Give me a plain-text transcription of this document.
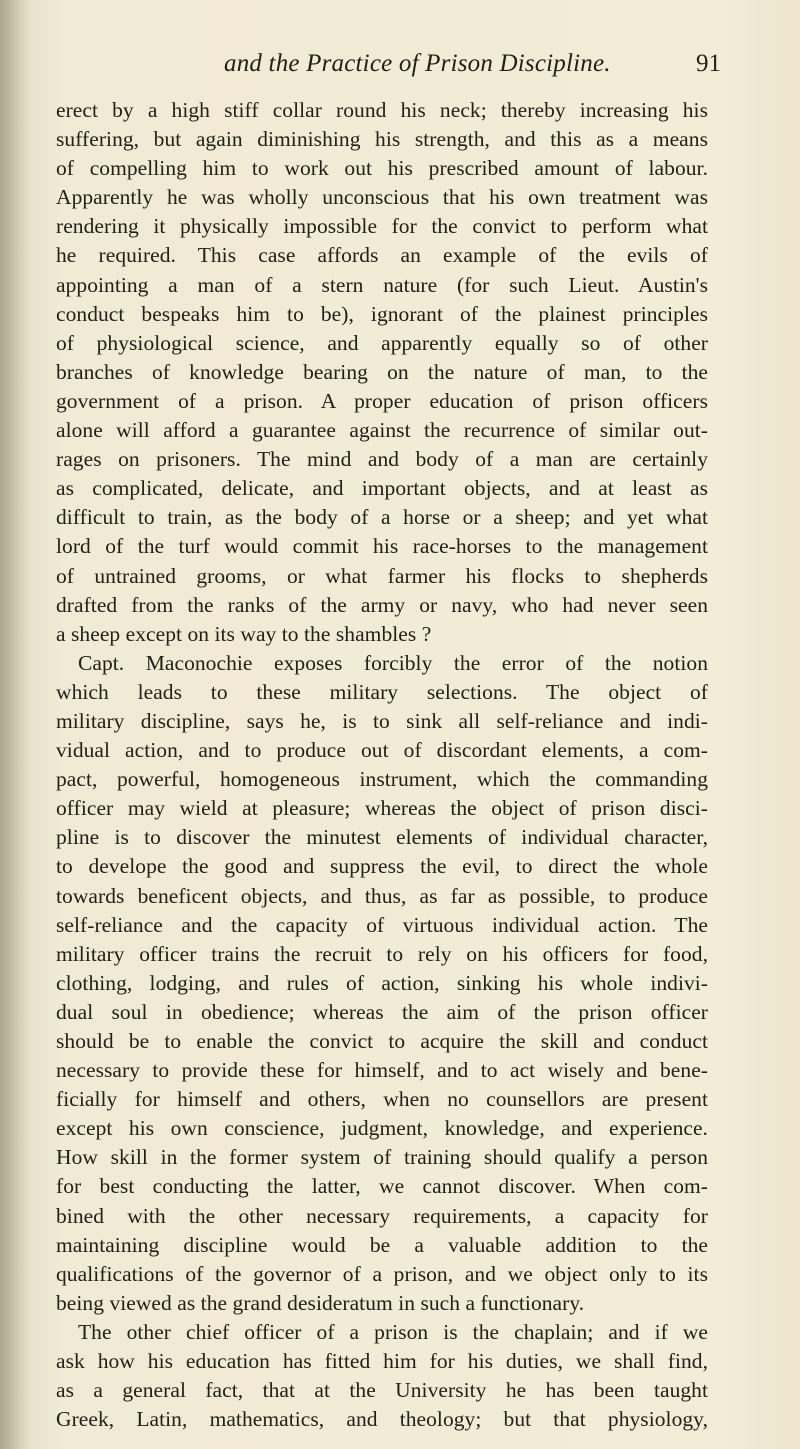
and the Practice of Prison Discipline.	91
erect by a high stiff collar round his neck; thereby increasing his
suffering, but again diminishing his strength, and this as a means
of compelling him to work out his prescribed amount of labour.
Apparently he was wholly unconscious that his own treatment was
rendering it physically impossible for the convict to perform what
he required. This case affords an example of the evils of
appointing a man of a stern nature (for such Lieut. Austin's
conduct bespeaks him to be), ignorant of the plainest principles
of physiological science, and apparently equally so of other
branches of knowledge bearing on the nature of man, to the
government of a prison. A proper education of prison officers
alone will afford a guarantee against the recurrence of similar out-
rages on prisoners. The mind and body of a man are certainly
as complicated, delicate, and important objects, and at least as
difficult to train, as the body of a horse or a sheep; and yet what
lord of the turf would commit his race-horses to the management
of untrained grooms, or what farmer his flocks to shepherds
drafted from the ranks of the army or navy, who had never seen
a sheep except on its way to the shambles ?
Capt. Maconochie exposes forcibly the error of the notion
which leads to these military selections. The object of
military discipline, says he, is to sink all self-reliance and indi-
vidual action, and to produce out of discordant elements, a com-
pact, powerful, homogeneous instrument, which the commanding
officer may wield at pleasure; whereas the object of prison disci-
pline is to discover the minutest elements of individual character,
to develope the good and suppress the evil, to direct the whole
towards beneficent objects, and thus, as far as possible, to produce
self-reliance and the capacity of virtuous individual action. The
military officer trains the recruit to rely on his officers for food,
clothing, lodging, and rules of action, sinking his whole indivi-
dual soul in obedience; whereas the aim of the prison officer
should be to enable the convict to acquire the skill and conduct
necessary to provide these for himself, and to act wisely and bene-
ficially for himself and others, when no counsellors are present
except his own conscience, judgment, knowledge, and experience.
How skill in the former system of training should qualify a person
for best conducting the latter, we cannot discover. When com-
bined with the other necessary requirements, a capacity for
maintaining discipline would be a valuable addition to the
qualifications of the governor of a prison, and we object only to its
being viewed as the grand desideratum in such a functionary.
The other chief officer of a prison is the chaplain; and if we
ask how his education has fitted him for his duties, we shall find,
as a general fact, that at the University he has been taught
Greek, Latin, mathematics, and theology; but that physiology,
